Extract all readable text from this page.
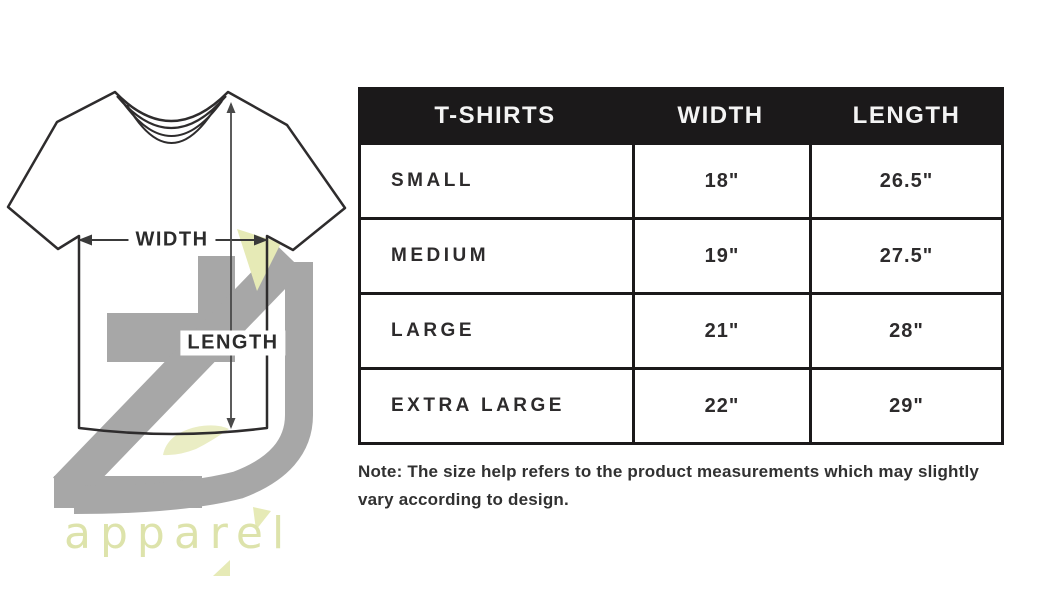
WIDTH
LENGTH
apparel
T-SHIRTS	WIDTH	LENGTH
SMALL	18"	26.5"
MEDIUM	19"	27.5"
LARGE	21"	28"
EXTRA LARGE	22"	29"
Note: The size help refers to the product measurements which may slightly vary according to design.
